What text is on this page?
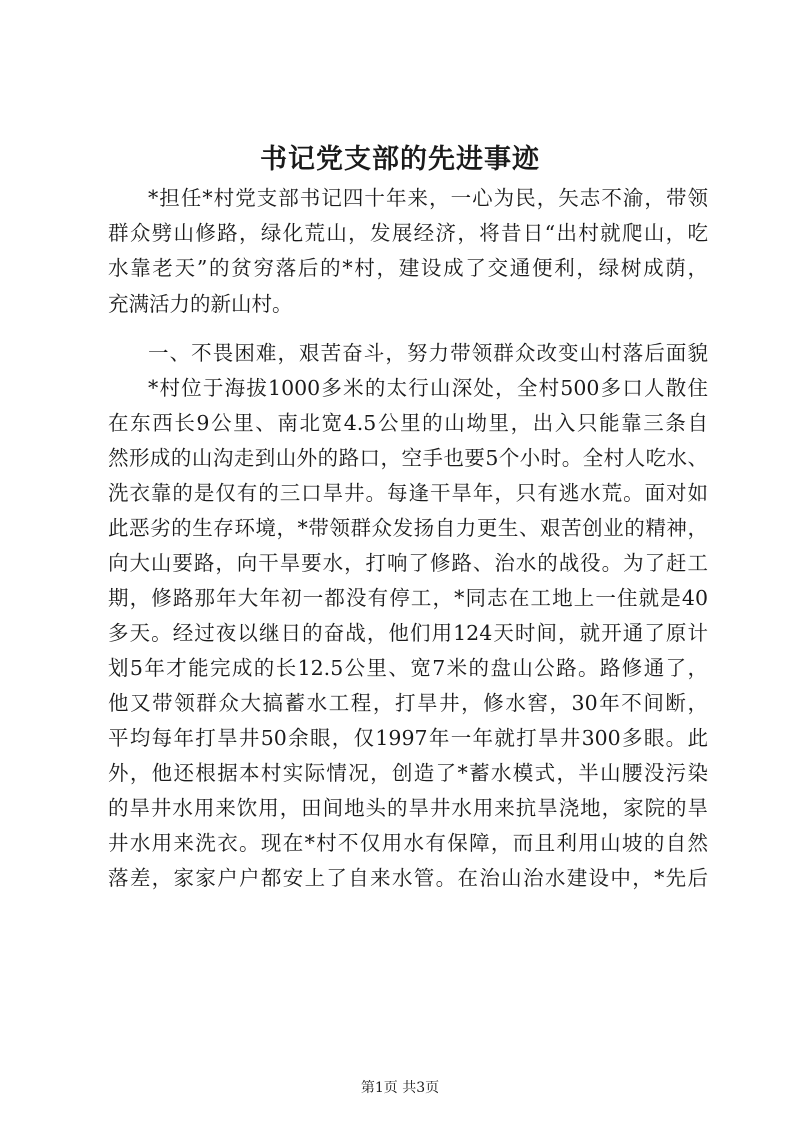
书记党支部的先进事迹
*担任*村党支部书记四十年来，一心为民，矢志不渝，带领
群众劈山修路，绿化荒山，发展经济，将昔日“出村就爬山，吃
水靠老天”的贫穷落后的*村，建设成了交通便利，绿树成荫，
充满活力的新山村。
一、不畏困难，艰苦奋斗，努力带领群众改变山村落后面貌
*村位于海拔1000多米的太行山深处，全村500多口人散住
在东西长9公里、南北宽4.5公里的山坳里，出入只能靠三条自
然形成的山沟走到山外的路口，空手也要5个小时。全村人吃水、
洗衣靠的是仅有的三口旱井。每逢干旱年，只有逃水荒。面对如
此恶劣的生存环境，*带领群众发扬自力更生、艰苦创业的精神，
向大山要路，向干旱要水，打响了修路、治水的战役。为了赶工
期，修路那年大年初一都没有停工，*同志在工地上一住就是40
多天。经过夜以继日的奋战，他们用124天时间，就开通了原计
划5年才能完成的长12.5公里、宽7米的盘山公路。路修通了，
他又带领群众大搞蓄水工程，打旱井，修水窖，30年不间断，
平均每年打旱井50余眼，仅1997年一年就打旱井300多眼。此
外，他还根据本村实际情况，创造了*蓄水模式，半山腰没污染
的旱井水用来饮用，田间地头的旱井水用来抗旱浇地，家院的旱
井水用来洗衣。现在*村不仅用水有保障，而且利用山坡的自然
落差，家家户户都安上了自来水管。在治山治水建设中，*先后
第1页 共3页
